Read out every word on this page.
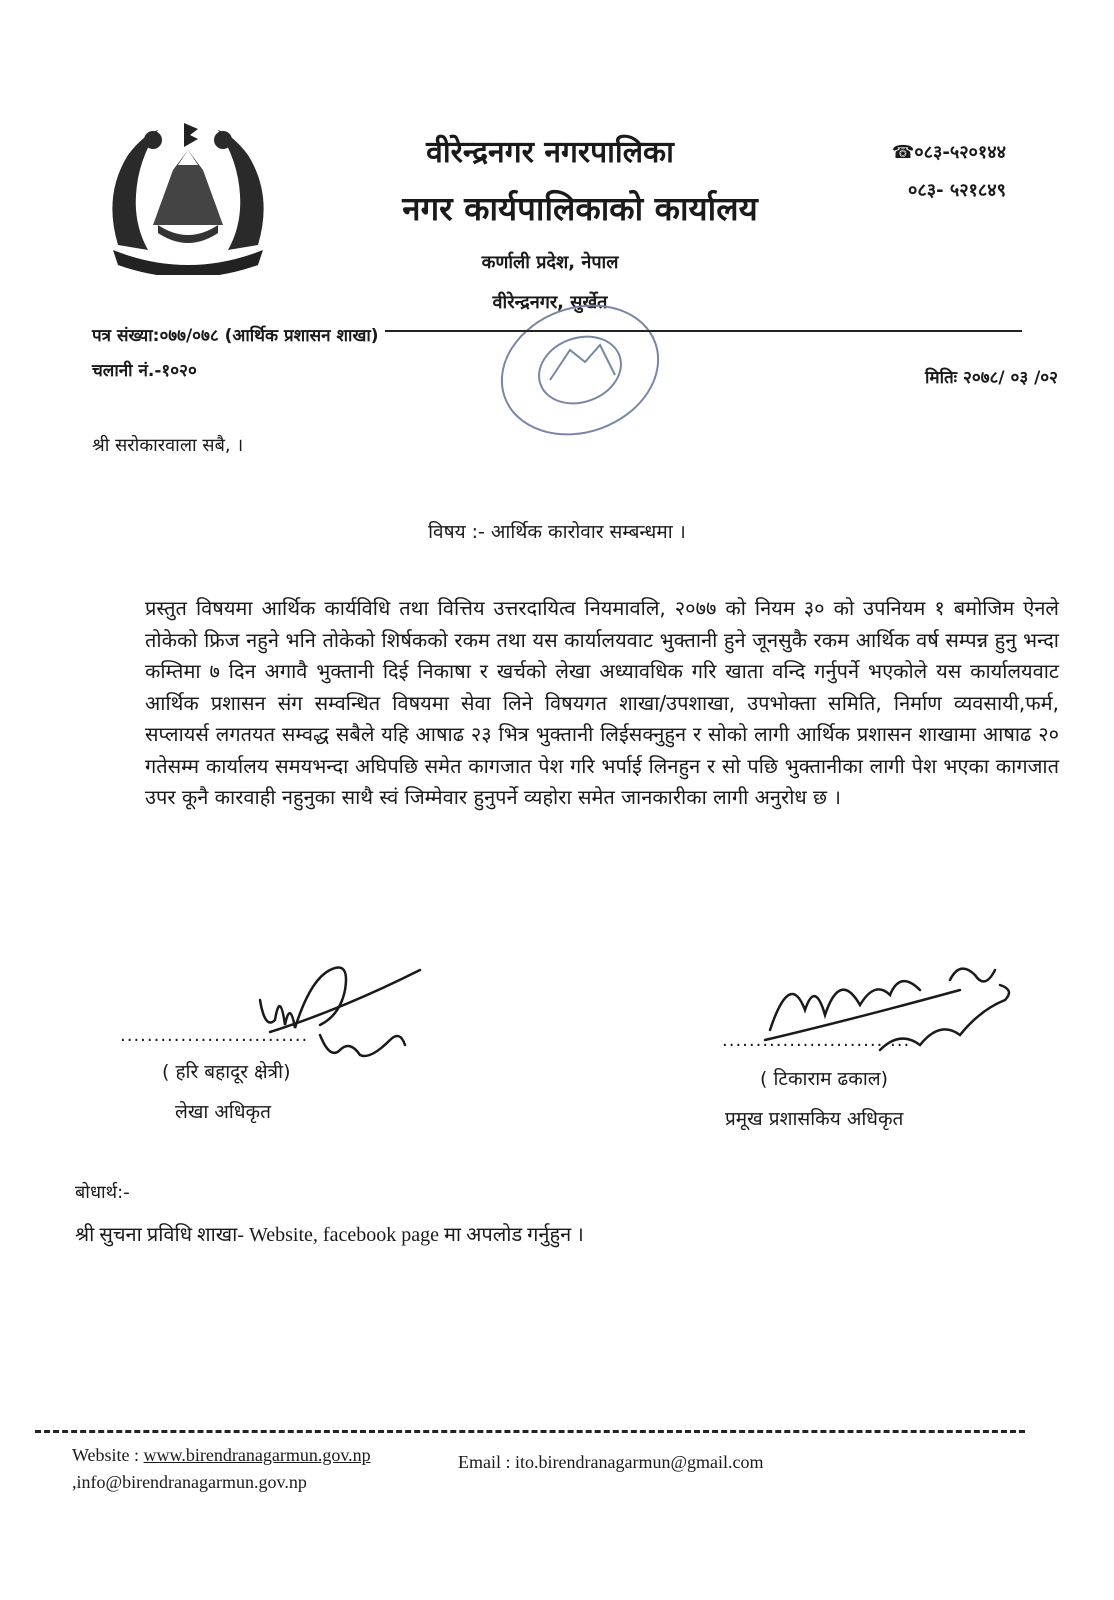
वीरेन्द्रनगर नगरपालिका
नगर कार्यपालिकाको कार्यालय
कर्णाली प्रदेश, नेपाल
वीरेन्द्रनगर, सुर्खेत
☎०८३-५२०१४४
०८३- ५२१८४९
पत्र संख्या:०७७/०७८ (आर्थिक प्रशासन शाखा)
चलानी नं.-१०२०	मितिः २०७८/ ०३ /०२
श्री सरोकारवाला सबै, ।
विषय :- आर्थिक कारोवार सम्बन्धमा ।
प्रस्तुत विषयमा आर्थिक कार्यविधि तथा वित्तिय उत्तरदायित्व नियमावलि, २०७७ को नियम ३० को उपनियम १ बमोजिम ऐनले तोकेको फ्रिज नहुने भनि तोकेको शिर्षकको रकम तथा यस कार्यालयवाट भुक्तानी हुने जूनसुकै रकम आर्थिक वर्ष सम्पन्न हुनु भन्दा कम्तिमा ७ दिन अगावै भुक्तानी दिई निकाषा र खर्चको लेखा अध्यावधिक गरि खाता वन्दि गर्नुपर्ने भएकोले यस कार्यालयवाट आर्थिक प्रशासन संग सम्वन्धित विषयमा सेवा लिने विषयगत शाखा/उपशाखा, उपभोक्ता समिति, निर्माण व्यवसायी,फर्म, सप्लायर्स लगतयत सम्वद्ध सबैले यहि आषाढ २३ भित्र भुक्तानी लिईसक्नुहुन र सोको लागी आर्थिक प्रशासन शाखामा आषाढ २० गतेसम्म कार्यालय समयभन्दा अघिपछि समेत कागजात पेश गरि भर्पाई लिनहुन र सो पछि भुक्तानीका लागी पेश भएका कागजात उपर कूनै कारवाही नहुनुका साथै स्वं जिम्मेवार हुनुपर्ने व्यहोरा समेत जानकारीका लागी अनुरोध छ ।
............................
( हरि बहादूर क्षेत्री)
लेखा अधिकृत
............................
( टिकाराम ढकाल)
प्रमूख प्रशासकिय अधिकृत
बोधार्थ:-
श्री सुचना प्रविधि शाखा- Website, facebook page मा अपलोड गर्नुहुन ।
Website : www.birendranagarmun.gov.np	Email : ito.birendranagarmun@gmail.com
,info@birendranagarmun.gov.np
